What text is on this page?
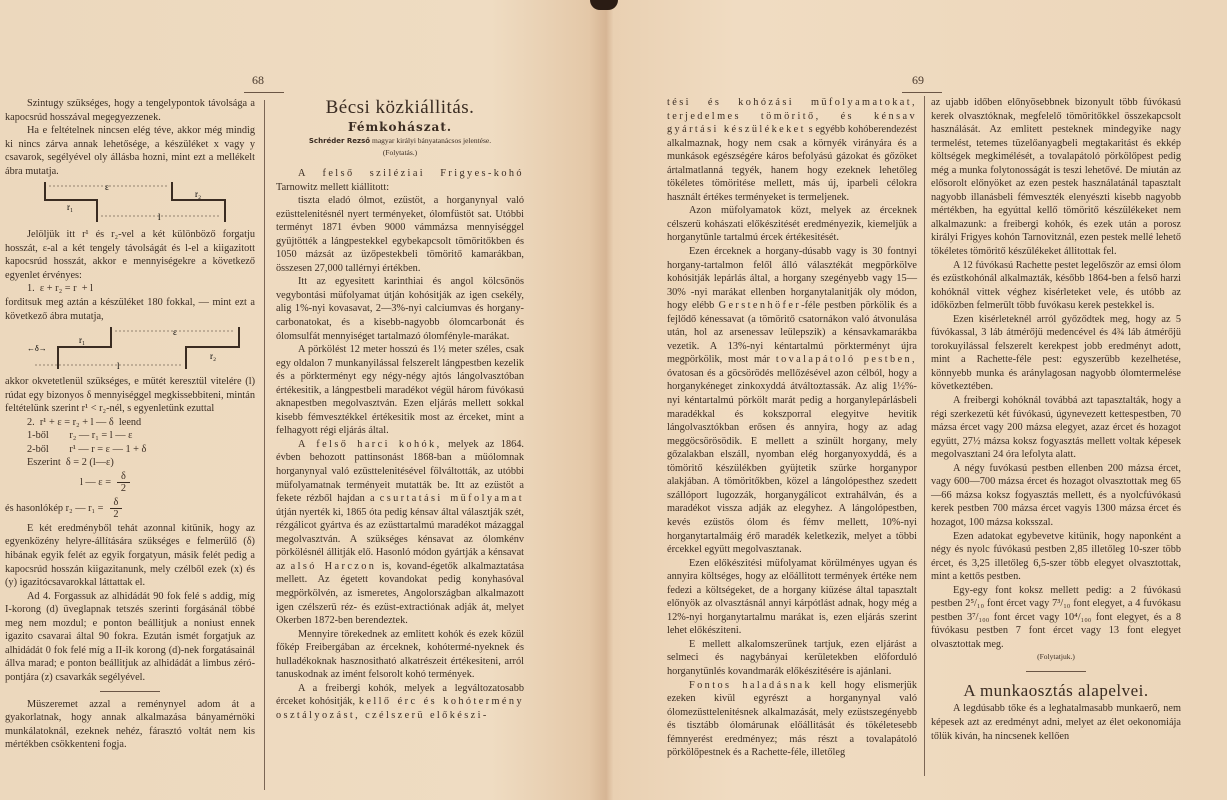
68

Szintugy szükséges, hogy a tengelypontok távolsága a kapocsrúd hosszával megegyezzenek.

Ha e feltételnek nincsen elég téve, akkor még mindig ki nincs zárva annak lehetősége, a készüléket x vagy y csavarok, segélyével oly állásba hozni, mint ezt a mellékelt ábra mutatja.

ε
r₁
r₂
l

Jelöljük itt r¹ és r₂-vel a két különböző forgatju hosszát, ε-al a két tengely távolságát és l-el a kiigazitott kapocsrúd hosszát, akkor e mennyiségekre a következő egyenlet érvényes:

1.  ε + r₂ = r  + l

forditsuk meg aztán a készüléket 180 fokkal, — mint ezt a következő ábra mutatja,

←δ→
r₁
ε
r₂
l

akkor okvetetlenül szükséges, e mütét keresztül vitelére (l) rúdat egy bizonyos δ mennyiséggel megkissebbiteni, mintán feltételünk szerint r¹ < r₂-nél, s egyenletünk ezuttal

2.  r¹ + ε = r₂ + l — δ  leend

1-ből        r₂ — r₁ = l — ε

2-ből        r¹ — r = ε — 1 + δ

Eszerint  δ = 2 (l—ε)

l — $\varepsilon = \frac{\delta}{2}$
és hasonlókép r₂ — $r_1 = \frac{\delta}{2}$

E két eredményből tehát azonnal kitünik, hogy az egyenközény helyre-állítására szükséges e felmerülő (δ) hibának egyik felét az egyik forgatyun, másik felét pedig a kapocsrúd hosszán kiigazitanunk, mely czélből ezek (x) és (y) igazitócsavarokkal láttattak el.

Ad 4. Forgassuk az alhidádát 90 fok felé s addig, míg I-korong (d) üveglapnak tetszés szerinti forgásánál többé meg nem mozdul; e ponton beállitjuk a noniust ennek igazito csavarai által 90 fokra. Ezután ismét forgatjuk az alhidádát 0 fok felé míg a II-ik korong (d)-nek forgatásainál állva marad; e ponton beállitjuk az alhidádát a limbus zéró-pontjára (z) csavarkák segélyével.

Müszeremet azzal a reménynyel adom át a gyakorlatnak, hogy annak alkalmazása bányamérnöki munkálatoknál, ezeknek nehéz, fárasztó voltát nem kis mértékben csökkenteni fogja.

Bécsi közkiállitás.

Fémkohászat.

Schréder Rezső magyar királyi bányatanácsos jelentése.

(Folytatás.)

A felső sziléziai Frigyes-kohó Tarnowitz mellett kiállitott:

tiszta eladó ólmot, ezüstöt, a horganynyal való ezüsttelenitésnél nyert terményeket, ólomfüstöt sat. Utóbbi terményt 1871 évben 9000 vámmázsa mennyiséggel gyüjtötték a lángpestekkel egybekapcsolt tömöritőkben és 1050 mázsát az üzőpestekbeli tömöritő kamarákban, összesen 27,000 tallérnyi értékben.

Itt az egyesitett karinthiai és angol kölcsönös vegybontási müfolyamat útján kohósitják az igen csekély, alig 1%-nyi kovasavat, 2—3%-nyi calciumvas és horgany-carbonatokat, és a kisebb-nagyobb ólomcarbonát és ólomsulfát mennyiséget tartalmazó ólomfényle-marákat.

A pörkölést 12 meter hosszú és 1½ meter széles, csak egy oldalon 7 munkanyilással felszerelt lángpestben kezelik és a pörkterményt egy négy-négy ajtós lángolvasztóban értékesitik, a lángpestbeli maradékot végül három fúvókasú aknapestben megolvasztván. Ezen eljárás mellett sokkal kisebb fémvesztékkel értékesitik most az érceket, mint a felhagyott régi eljárás által.

A felső harci kohók, melyek az 1864. évben behozott pattinsonást 1868-ban a müólomnak horganynyal való ezüsttelenitésével fölváltották, az utóbbi müfolyamatnak terményeit mutatták be. Itt az ezüstöt a fekete rézből hajdan a csurtatási müfolyamat útján nyerték ki, 1865 óta pedig kénsav által választják szét, rézgálicot gyártva és az ezüsttartalmú maradékot mázaggal megolvasztván. A szükséges kénsavat az ólomkénv pörkölésnél állitják elő. Hasonló módon gyártják a kénsavat az alsó Harczon is, kovand-égetők alkalmaztatása mellett. Az égetett kovandokat pedig konyhasóval megpörkölvén, az ismeretes, Angolországban alkalmazott igen czélszerü réz- és ezüst-extractiónak adják át, melyet Okerben 1872-ben berendeztek.

Mennyire törekednek az emlitett kohók és ezek közül főkép Freibergában az érceknek, kohótermé-nyeknek és hulladékoknak hasznositható alkatrészeit értékesiteni, arról tanuskodnak az imént felsorolt kohó termények.

A a freibergi kohók, melyek a legváltozatosabb érceket kohósitják, kellő érc és kohótermény osztályozást, czélszerü előkészi-

69

tési és kohózási müfolyamatokat, terjedelmes tömöritő, és kénsav gyártási készülékeket s egyébb kohóberendezést alkalmaznak, hogy nem csak a környék virányára és a munkások egészségére káros befolyású gázokat és gőzöket ártalmatlanná tegyék, hanem hogy ezeknek lehetőleg tökéletes tömöritése mellett, más új, iparbeli célokra használt értékes terményeket is termeljenek.

Azon müfolyamatok közt, melyek az érceknek célszerü kohászati előkészitését eredményezik, kiemeljük a horganytünle tartalmú ércek értékesitését.

Ezen érceknek a horgany-dúsabb vagy is 30 fontnyi horgany-tartalmon felől álló választékát megpörkölve kohósitják lepárlás által, a horgany szegényebb vagy 15—30% -nyi marákat ellenben horganytalanitják oly módon, hogy elébb Gerstenhöfer-féle pestben pörkölik és a fejlődő kénessavat (a tömöritő csatornákon való átvonulása után, hol az arsenessav leülepszik) a kénsavkamarákba vezetik. A 13%-nyi kéntartalmú pörkterményt újra megpörkölik, most már tovalapátoló pestben, óvatosan és a göcsörödés mellőzésével azon célból, hogy a horganykéneget zinkoxyddá átváltoztassák. Az alig 1½%-nyi kéntartalmú pörkölt marát pedig a horganylepárlásbeli maradékkal és kokszporral elegyitve hevitik lángolvasztókban erősen és annyira, hogy az adag meggöcsörösödik. E mellett a szinült horgany, mely gőzalakban elszáll, nyomban elég horganyoxyddá, és a tömöritő készülékben gyüjtetik szürke horganypor alakjában. A tömöritőkben, közel a lángolópesthez szedett szállóport lugozzák, horganygálicot extrahálván, és a maradékot vissza adják az elegyhez. A lángolópestben, kevés ezüstös ólom és fémv mellett, 10%-nyi horganytartalmáig érő maradék keletkezik, melyet a többi ércekkel együtt megolvasztanak.

Ezen előkészitési müfolyamat körülményes ugyan és annyira költséges, hogy az előállitott termények értéke nem fedezi a költségeket, de a horgany kiüzése által tapasztalt előnyök az olvasztásnál annyi kárpótlást adnak, hogy még a 12%-nyi horganytartalmu marákat is, ezen eljárás szerint lehet előkésziteni.

E mellett alkalomszerünek tartjuk, ezen eljárást a selmeci és nagybányai kerületekben előforduló horganytünlés kovandmarák előkészitésére is ajánlani.

Fontos haladásnak kell hogy elismerjük ezeken kivül egyrészt a horganynyal való ólomezüsttelenitésnek alkalmazását, mely ezüstszegényebb és tisztább ólomárunak előállitását és tökéletesebb fémnyerést eredményez; más részt a tovalapátoló pörkölőpestnek és a Rachette-féle, illetőleg

az ujabb időben előnyösebbnek bizonyult több fúvókasú kerek olvasztóknak, megfelelő tömöritőkkel összekapcsolt használását. Az emlitett pesteknek mindegyike nagy termelést, tetemes tüzelőanyagbeli megtakaritást és ekkép költségek megkimélését, a tovalapátoló pörkölőpest pedig még a munka folytonosságát is teszi lehetővé. De miután az elősorolt előnyöket az ezen pestek használatánál tapasztalt nagyobb illanásbeli fémveszték elenyészti kisebb nagyobb mértékben, ha egyúttal kellő tömöritő készülékeket nem alkalmazunk: a freibergi kohók, és ezek után a porosz királyi Frigyes kohón Tarnovitznál, ezen pestek mellé lehető tökéletes tömöritő készülékeket állitottak fel.

A 12 fúvókasú Rachette pestet legelőször az emsi ólom és ezüstkohónál alkalmazták, később 1864-ben a felső harzi kohóknál vittek véghez kisérleteket vele, és utóbb az időközben felmerült több fuvókasu kerek pestekkel is.

Ezen kisérleteknél arról győződtek meg, hogy az 5 fúvókassal, 3 láb átmérőjü medencével és 4¾ láb átmérőjü torokuyilással felszerelt kerekpest jobb eredményt adott, mint a Rachette-féle pest: egyszerübb kezelhetése, könnyebb munka és aránylagosan nagyobb ólomtermelése következtében.

A freibergi kohóknál továbbá azt tapasztalták, hogy a régi szerkezetü két fúvókasú, úgynevezett kettespestben, 70 mázsa ércet vagy 200 mázsa elegyet, azaz ércet és hozagot együtt, 27½ mázsa koksz fogyasztás mellett voltak képesek megolvasztani 24 óra lefolyta alatt.

A négy fuvókasú pestben ellenben 200 mázsa ércet, vagy 600—700 mázsa ércet és hozagot olvasztottak meg 65—66 mázsa koksz fogyasztás mellett, és a nyolcfúvókasú kerek pestben 700 mázsa ércet vagyis 1300 mázsa ércet és hozagot, 100 mázsa koksszal.

Ezen adatokat egybevetve kitünik, hogy naponként a négy és nyolc fúvókasú pestben 2,85 illetőleg 10-szer több ércet, és 3,25 illetőleg 6,5-szer több elegyet olvasztottak, mint a kettős pestben.

Egy-egy font koksz mellett pedig: a 2 fúvókasú pestben 2⁵/₁₀ font ércet vagy 7³/₁₀ font elegyet, a 4 fuvókasu pestben 3⁷/₁₀₀ font ércet vagy 10⁴/₁₀₀ font elegyet, és a 8 fúvókasu pestben 7 font ércet vagy 13 font elegyet olvasztottak meg.

(Folytatjuk.)

A munkaosztás alapelvei.

A legdúsabb tőke és a leghatalmasabb munkaerő, nem képesek azt az eredményt adni, melyet az élet oekonomiája tőlük kiván, ha nincsenek kellően
